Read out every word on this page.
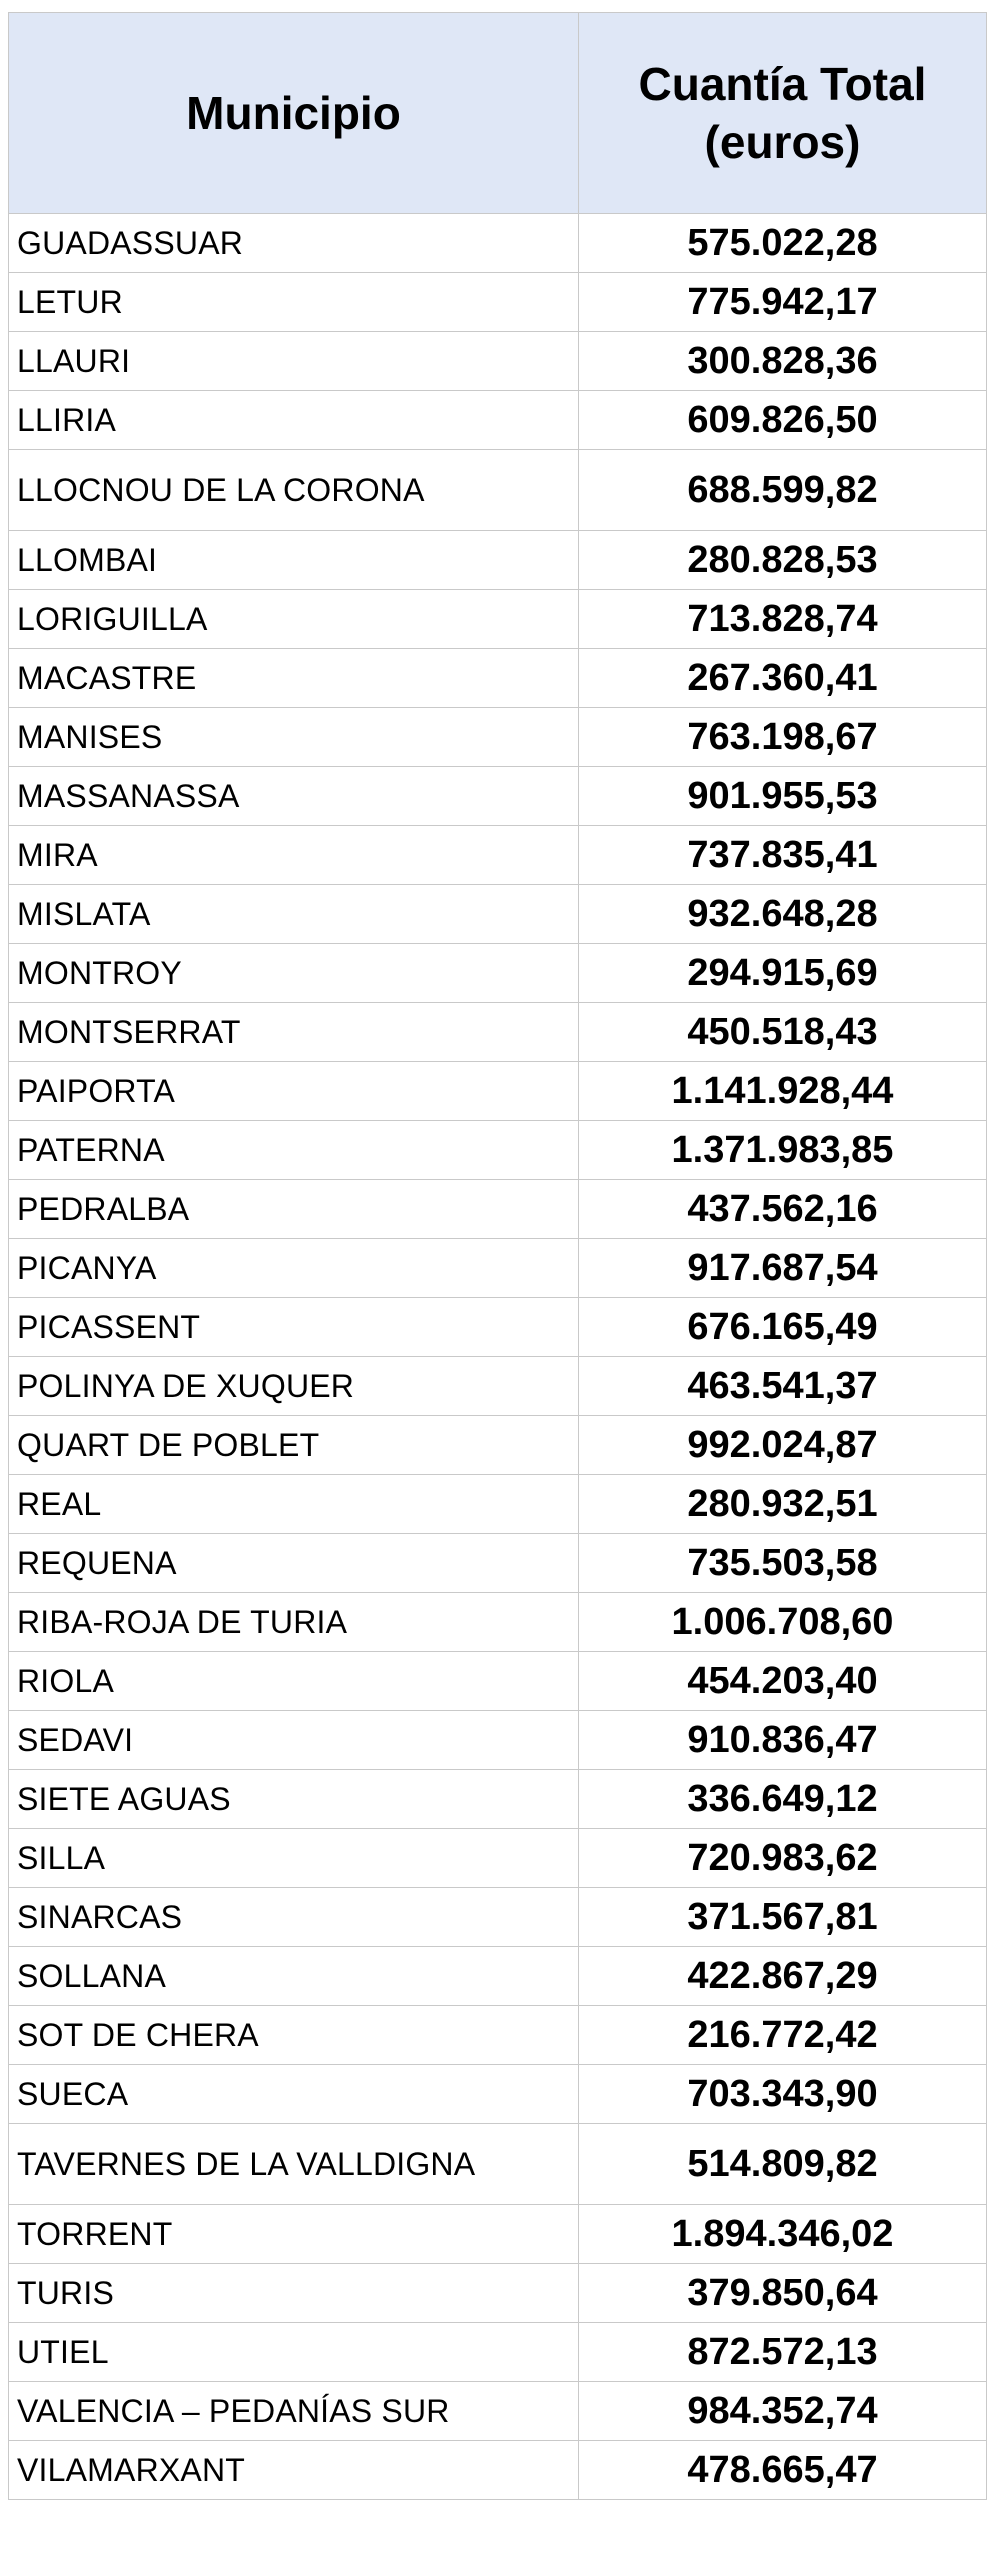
Municipio	Cuantía Total
(euros)

GUADASSUAR	575.022,28
LETUR	775.942,17
LLAURI	300.828,36
LLIRIA	609.826,50
LLOCNOU DE LA CORONA	688.599,82
LLOMBAI	280.828,53
LORIGUILLA	713.828,74
MACASTRE	267.360,41
MANISES	763.198,67
MASSANASSA	901.955,53
MIRA	737.835,41
MISLATA	932.648,28
MONTROY	294.915,69
MONTSERRAT	450.518,43
PAIPORTA	1.141.928,44
PATERNA	1.371.983,85
PEDRALBA	437.562,16
PICANYA	917.687,54
PICASSENT	676.165,49
POLINYA DE XUQUER	463.541,37
QUART DE POBLET	992.024,87
REAL	280.932,51
REQUENA	735.503,58
RIBA-ROJA DE TURIA	1.006.708,60
RIOLA	454.203,40
SEDAVI	910.836,47
SIETE AGUAS	336.649,12
SILLA	720.983,62
SINARCAS	371.567,81
SOLLANA	422.867,29
SOT DE CHERA	216.772,42
SUECA	703.343,90
TAVERNES DE LA VALLDIGNA	514.809,82
TORRENT	1.894.346,02
TURIS	379.850,64
UTIEL	872.572,13
VALENCIA – PEDANÍAS SUR	984.352,74
VILAMARXANT	478.665,47
